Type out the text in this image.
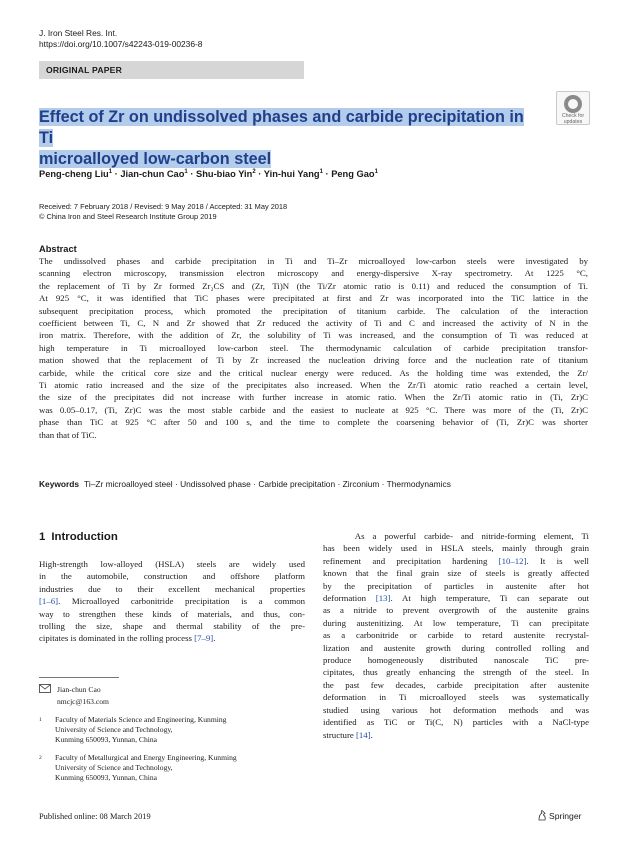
J. Iron Steel Res. Int.
https://doi.org/10.1007/s42243-019-00236-8
ORIGINAL PAPER
Effect of Zr on undissolved phases and carbide precipitation in Ti
microalloyed low-carbon steel
Check for
updates
Peng-cheng Liu$^1$ · Jian-chun Cao$^1$ · Shu-biao Yin$^2$ · Yin-hui Yang$^1$ · Peng Gao$^1$
Received: 7 February 2018 / Revised: 9 May 2018 / Accepted: 31 May 2018
© China Iron and Steel Research Institute Group 2019
Abstract
The undissolved phases and carbide precipitation in Ti and Ti–Zr microalloyed low-carbon steels were investigated by
scanning electron microscopy, transmission electron microscopy and energy-dispersive X-ray spectrometry. At 1225 °C,
the replacement of Ti by Zr formed Zr₂CS and (Zr, Ti)N (the Ti/Zr atomic ratio is 0.11) and reduced the consumption of Ti.
At 925 °C, it was identified that TiC phases were precipitated at first and Zr was incorporated into the TiC lattice in the
subsequent precipitation process, which promoted the precipitation of titanium carbide. The calculation of the interaction
coefficient between Ti, C, N and Zr showed that Zr reduced the activity of Ti and C and increased the activity of N in the
iron matrix. Therefore, with the addition of Zr, the solubility of Ti was increased, and the consumption of Ti was reduced at
high temperature in Ti microalloyed low-carbon steel. The thermodynamic calculation of carbide precipitation transfor-
mation showed that the replacement of Ti by Zr increased the nucleation driving force and the nucleation rate of titanium
carbide, while the critical core size and the critical nuclear energy were reduced. As the holding time was extended, the Zr/
Ti atomic ratio increased and the size of the precipitates also increased. When the Zr/Ti atomic ratio reached a certain level,
the size of the precipitates did not increase with further increase in atomic ratio. When the Zr/Ti atomic ratio in (Ti, Zr)C
was 0.05–0.17, (Ti, Zr)C was the most stable carbide and the easiest to nucleate at 925 °C. There was more of the (Ti, Zr)C
phase than TiC at 925 °C after 50 and 100 s, and the time to complete the coarsening behavior of (Ti, Zr)C was shorter
than that of TiC.
Keywords Ti–Zr microalloyed steel · Undissolved phase · Carbide precipitation · Zirconium · Thermodynamics
1 Introduction
High-strength low-alloyed (HSLA) steels are widely used
in the automobile, construction and offshore platform
industries due to their excellent mechanical properties
[1–6]. Microalloyed carbonitride precipitation is a common
way to strengthen these kinds of materials, and thus, con-
trolling the size, shape and thermal stability of the pre-
cipitates is dominated in the rolling process [7–9].
As a powerful carbide- and nitride-forming element, Ti
has been widely used in HSLA steels, mainly through grain
refinement and precipitation hardening [10–12]. It is well
known that the final grain size of steels is greatly affected
by the precipitation of particles in austenite after hot
deformation [13]. At high temperature, Ti can separate out
as a nitride to prevent overgrowth of the austenite grains
during austenitizing. At low temperature, Ti can precipitate
as a carbonitride or carbide to retard austenite recrystal-
lization and austenite growth during controlled rolling and
produce homogeneously distributed nanoscale TiC pre-
cipitates, thus greatly enhancing the strength of the steel. In
the past few decades, carbide precipitation after austenite
deformation in Ti microalloyed steels was systematically
studied using various hot deformation methods and was
identified as TiC or Ti(C, N) particles with a NaCl-type
structure [14].
Jian-chun Cao
nmcjc@163.com
1 Faculty of Materials Science and Engineering, Kunming
University of Science and Technology,
Kunming 650093, Yunnan, China
2 Faculty of Metallurgical and Energy Engineering, Kunming
University of Science and Technology,
Kunming 650093, Yunnan, China
Published online: 08 March 2019	Springer
